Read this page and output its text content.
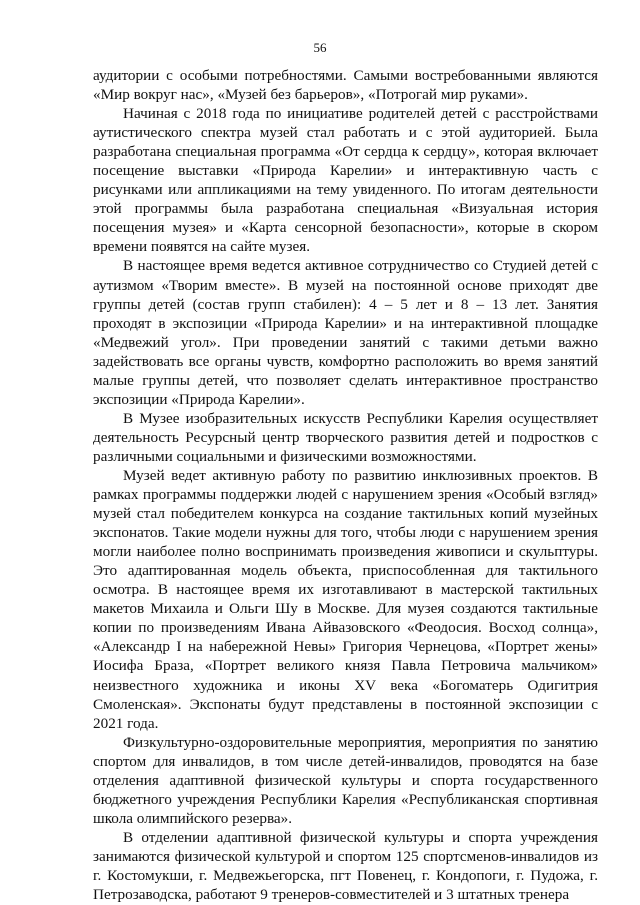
56

аудитории с особыми потребностями. Самыми востребованными являются «Мир вокруг нас», «Музей без барьеров», «Потрогай мир руками».

Начиная с 2018 года по инициативе родителей детей с расстройствами аутистического спектра музей стал работать и с этой аудиторией. Была разработана специальная программа «От сердца к сердцу», которая включает посещение выставки «Природа Карелии» и интерактивную часть с рисунками или аппликациями на тему увиденного. По итогам деятельности этой программы была разработана специальная «Визуальная история посещения музея» и «Карта сенсорной безопасности», которые в скором времени появятся на сайте музея.

В настоящее время ведется активное сотрудничество со Студией детей с аутизмом «Творим вместе». В музей на постоянной основе приходят две группы детей (состав групп стабилен): 4 – 5 лет и 8 – 13 лет. Занятия проходят в экспозиции «Природа Карелии» и на интерактивной площадке «Медвежий угол». При проведении занятий с такими детьми важно задействовать все органы чувств, комфортно расположить во время занятий малые группы детей, что позволяет сделать интерактивное пространство экспозиции «Природа Карелии».

В Музее изобразительных искусств Республики Карелия осуществляет деятельность Ресурсный центр творческого развития детей и подростков с различными социальными и физическими возможностями.

Музей ведет активную работу по развитию инклюзивных проектов. В рамках программы поддержки людей с нарушением зрения «Особый взгляд» музей стал победителем конкурса на создание тактильных копий музейных экспонатов. Такие модели нужны для того, чтобы люди с нарушением зрения могли наиболее полно воспринимать произведения живописи и скульптуры. Это адаптированная модель объекта, приспособленная для тактильного осмотра. В настоящее время их изготавливают в мастерской тактильных макетов Михаила и Ольги Шу в Москве. Для музея создаются тактильные копии по произведениям Ивана Айвазовского «Феодосия. Восход солнца», «Александр I на набережной Невы» Григория Чернецова, «Портрет жены» Иосифа Браза, «Портрет великого князя Павла Петровича мальчиком» неизвестного художника и иконы XV века «Богоматерь Одигитрия Смоленская». Экспонаты будут представлены в постоянной экспозиции с 2021 года.

Физкультурно-оздоровительные мероприятия, мероприятия по занятию спортом для инвалидов, в том числе детей-инвалидов, проводятся на базе отделения адаптивной физической культуры и спорта государственного бюджетного учреждения Республики Карелия «Республиканская спортивная школа олимпийского резерва».

В отделении адаптивной физической культуры и спорта учреждения занимаются физической культурой и спортом 125 спортсменов-инвалидов из г. Костомукши, г. Медвежьегорска, пгт Повенец, г. Кондопоги, г. Пудожа, г. Петрозаводска, работают 9 тренеров-совместителей и 3 штатных тренера
